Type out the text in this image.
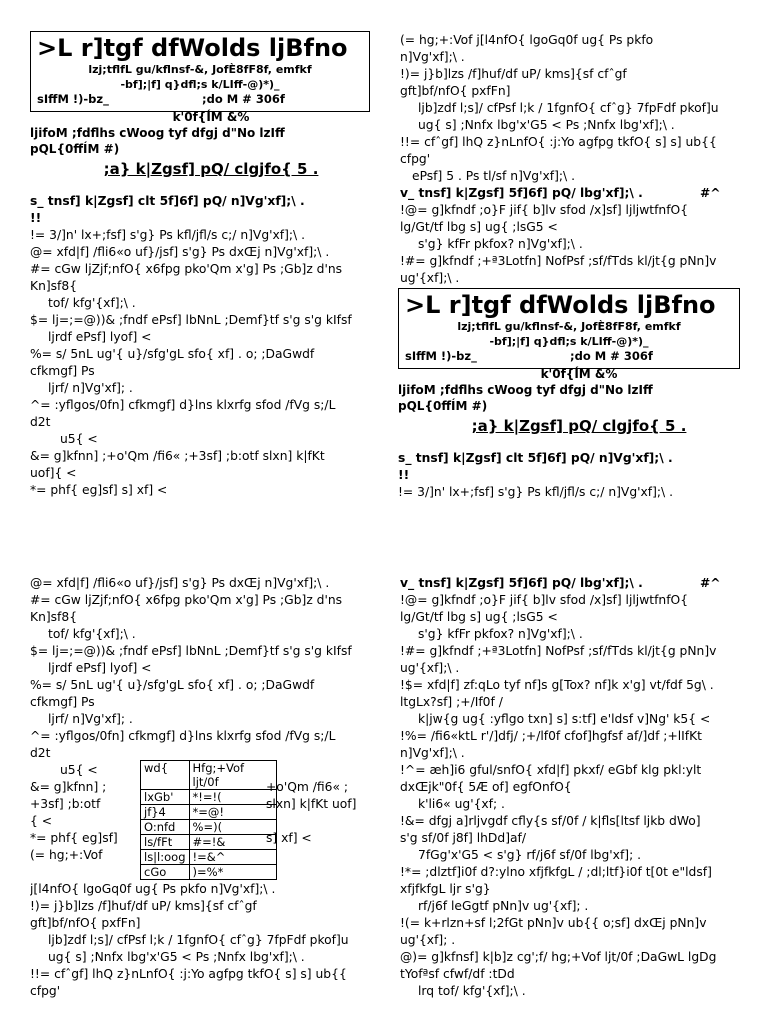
>L r]tgf dfWolds ljBfno
lzj;tflfL gu/kflnsf-&, JofÈ8fF8f, emfkf
-bf];|f] q}dfl;s k/LIff-@)*)_
sIffM !)-bz_	;do M # 306f
k'0f{ÍM &%
ljifoM ;fdflhs cWoog tyf dfgj d"No lzIff
pQL{0ffÍM #)
;a} k|Zgsf] pQ/ clgjfo{ 5 .
s_ tnsf] k|Zgsf] clt 5f]6f] pQ/ n]Vg'xf];\ .
!!
!= 3/]n' lx+;fsf] s'g} Ps kfl/jfl/s c;/ n]Vg'xf];\ .
@= xfd|f] /fli6«o uf}/jsf] s'g} Ps dxŒj n]Vg'xf];\ .
#= cGw ljZjf;nfO{ x6fpg pko'Qm x'g] Ps ;Gb]z d'ns
Kn]sf8{
tof/ kfg'{xf];\ .
$= lj=;=@))& ;fndf ePsf] lbNnL ;Demf}tf s'g s'g kIfsf
ljrdf ePsf] lyof] <
%= s/ 5nL ug'{ u}/sfg'gL sfo{ xf] . o; ;DaGwdf
cfkmgf] Ps
ljrf/ n]Vg'xf]; .
^= :yflgos/0fn] cfkmgf] d}lns klxrfg sfod /fVg s;/L
d2t
u5{ <
&= g]kfnn] ;+o'Qm /fi6« ;+3sf] ;b:otf slxn] k|fKt
uof]{ <
*= phf{ eg]sf] s] xf] <
(= hg;+:Vof j[l4nfO{ lgoGq0f ug{ Ps pkfo
n]Vg'xf];\ .
!)= j}b]lzs /f]huf/df uP/ kms]{sf cfˆgf
gft]bf/nfO{ pxfFn]
ljb]zdf l;s]/ cfPsf l;k / 1fgnfO{ cfˆg} 7fpFdf pkof]u
ug{ s] ;Nnfx lbg'x'G5 < Ps ;Nnfx lbg'xf];\ .
!!= cfˆgf] lhQ z}nLnfO{ :j:Yo agfpg tkfO{ s] s] ub{{
cfpg'
ePsf] 5 . Ps tl/sf n]Vg'xf];\ .
v_ tnsf] k|Zgsf] 5f]6f] pQ/ lbg'xf];\ .	#^
!@= g]kfndf ;o}F jif{ b]lv sfod /x]sf] ljljwtfnfO{
lg/Gt/tf lbg s] ug{ ;lsG5 <
s'g} kfFr pkfox? n]Vg'xf];\ .
!#= g]kfndf ;+ª3Lotfn] NofPsf ;sf/fTds kl/jt{g pNn]v
ug'{xf];\ .
>L r]tgf dfWolds ljBfno
lzj;tflfL gu/kflnsf-&, JofÈ8fF8f, emfkf
-bf];|f] q}dfl;s k/LIff-@)*)_
sIffM !)-bz_	;do M # 306f
k'0f{ÍM &%
ljifoM ;fdflhs cWoog tyf dfgj d"No lzIff
pQL{0ffÍM #)
;a} k|Zgsf] pQ/ clgjfo{ 5 .
s_ tnsf] k|Zgsf] clt 5f]6f] pQ/ n]Vg'xf];\ .
!!
!= 3/]n' lx+;fsf] s'g} Ps kfl/jfl/s c;/ n]Vg'xf];\ .
@= xfd|f] /fli6«o uf}/jsf] s'g} Ps dxŒj n]Vg'xf];\ .
#= cGw ljZjf;nfO{ x6fpg pko'Qm x'g] Ps ;Gb]z d'ns
Kn]sf8{
tof/ kfg'{xf];\ .
$= lj=;=@))& ;fndf ePsf] lbNnL ;Demf}tf s'g s'g kIfsf
ljrdf ePsf] lyof] <
%= s/ 5nL ug'{ u}/sfg'gL sfo{ xf] . o; ;DaGwdf
cfkmgf] Ps
ljrf/ n]Vg'xf]; .
^= :yflgos/0fn] cfkmgf] d}lns klxrfg sfod /fVg s;/L
d2t
u5{ <
&= g]kfnn] ;
+3sf] ;b:otf
{ <
*= phf{ eg]sf]
(= hg;+:Vof
wd{	Hfg;+Vof ljt/0f
lxGb'	*!=!(
jf}4	*=@!
O:nfd	%=)(
ls/fFt	#=!&
ls|l:oog	!=&^
cGo	)=%*
+o'Qm /fi6« ;
slxn] k|fKt uof]
s] xf] <
j[l4nfO{ lgoGq0f ug{ Ps pkfo n]Vg'xf];\ .
!)= j}b]lzs /f]huf/df uP/ kms]{sf cfˆgf
gft]bf/nfO{ pxfFn]
ljb]zdf l;s]/ cfPsf l;k / 1fgnfO{ cfˆg} 7fpFdf pkof]u
ug{ s] ;Nnfx lbg'x'G5 < Ps ;Nnfx lbg'xf];\ .
!!= cfˆgf] lhQ z}nLnfO{ :j:Yo agfpg tkfO{ s] s] ub{{
cfpg'
v_ tnsf] k|Zgsf] 5f]6f] pQ/ lbg'xf];\ .	#^
!@= g]kfndf ;o}F jif{ b]lv sfod /x]sf] ljljwtfnfO{
lg/Gt/tf lbg s] ug{ ;lsG5 <
s'g} kfFr pkfox? n]Vg'xf];\ .
!#= g]kfndf ;+ª3Lotfn] NofPsf ;sf/fTds kl/jt{g pNn]v
ug'{xf];\ .
!$= xfd|f] zf:qLo tyf nf]s g[Tox? nf]k x'g] vt/fdf 5g\ .
ltgLx?sf] ;+/If0f /
k|jw{g ug{ :yflgo txn] s] s:tf] e'ldsf v]Ng' k5{ <
!%= /fi6«ktL r'/]dfj/ ;+/lf0f cfof]hgfsf af/]df ;+lIfKt
n]Vg'xf];\ .
!^= æh]i6 gful/snfO{ xfd|f] pkxf/ eGbf klg pkl:ylt
dxŒjk"0f{ 5Æ of] egfOnfO{
k'li6« ug'{xf; .
!&= dfgj a]rljvgdf cfly{s sf/0f / k|fls[ltsf ljkb dWo]
s'g sf/0f j8f] lhDd]af/
7fGg'x'G5 < s'g} rf/j6f sf/0f lbg'xf]; .
!*= ;dlztf]i0f d?:ylno xfjfkfgL / ;dl;ltf}i0f t[0t e"ldsf]
xfjfkfgL ljr s'g}
rf/j6f leGgtf pNn]v ug'{xf]; .
!(= k+rlzn+sf l;2fGt pNn]v ub{{ o;sf] dxŒj pNn]v
ug'{xf]; .
@)= g]kfnsf] k|b]z cg';f/ hg;+Vof ljt/0f ;DaGwL lgDg
tYofªsf cfwf/df :tDd
lrq tof/ kfg'{xf];\ .
